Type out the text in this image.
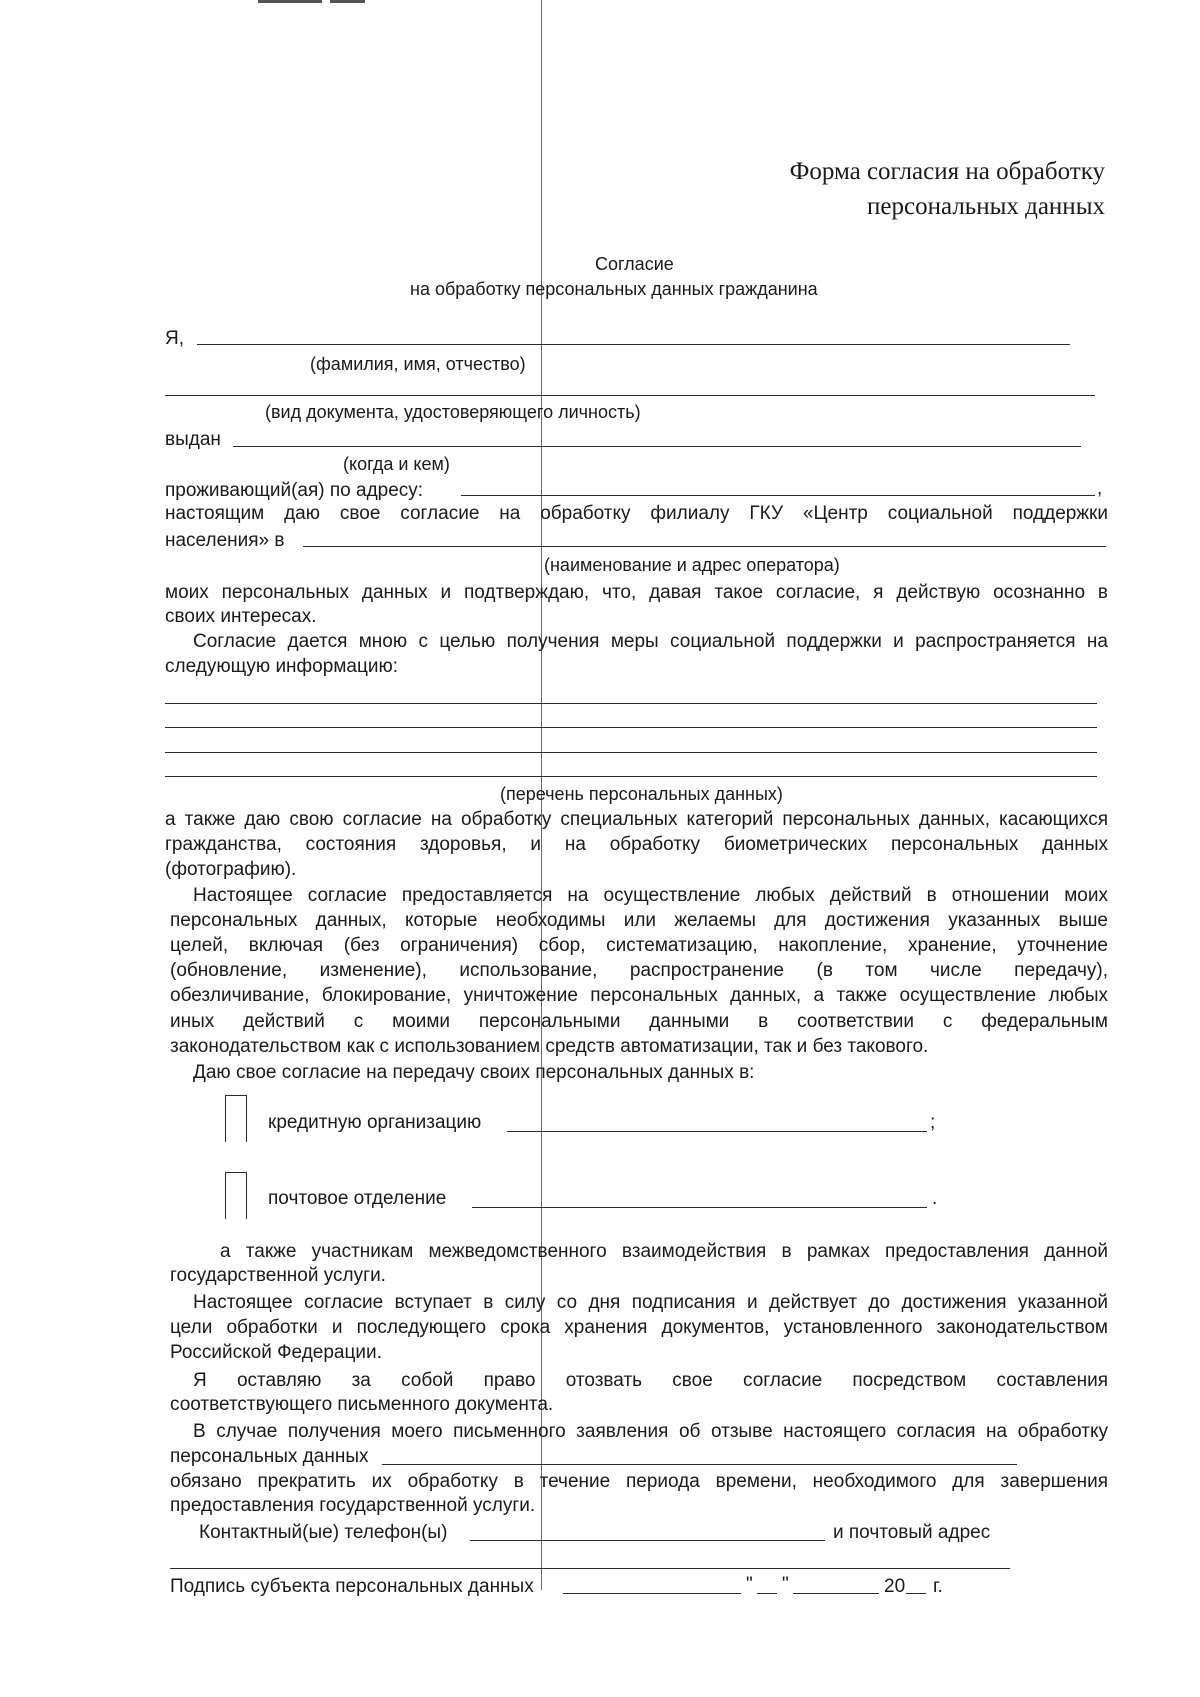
Форма согласия на обработку
персональных данных
Согласие
на обработку персональных данных гражданина
Я,
(фамилия, имя, отчество)
(вид документа, удостоверяющего личность)
выдан
(когда и кем)
проживающий(ая) по адресу:	,
настоящим даю свое согласие на обработку филиалу ГКУ «Центр социальной поддержки
населения» в
(наименование и адрес оператора)
моих персональных данных и подтверждаю, что, давая такое согласие, я действую осознанно в
своих интересах.
Согласие дается мною с целью получения меры социальной поддержки и распространяется на
следующую информацию:
(перечень персональных данных)
а также даю свою согласие на обработку специальных категорий персональных данных, касающихся
гражданства, состояния здоровья, и на обработку биометрических персональных данных
(фотографию).
Настоящее согласие предоставляется на осуществление любых действий в отношении моих
персональных данных, которые необходимы или желаемы для достижения указанных выше
целей, включая (без ограничения) сбор, систематизацию, накопление, хранение, уточнение
(обновление, изменение), использование, распространение (в том числе передачу),
обезличивание, блокирование, уничтожение персональных данных, а также осуществление любых
иных действий с моими персональными данными в соответствии с федеральным
законодательством как с использованием средств автоматизации, так и без такового.
Даю свое согласие на передачу своих персональных данных в:
кредитную организацию	;
почтовое отделение	.
а также участникам межведомственного взаимодействия в рамках предоставления данной
государственной услуги.
Настоящее согласие вступает в силу со дня подписания и действует до достижения указанной
цели обработки и последующего срока хранения документов, установленного законодательством
Российской Федерации.
Я оставляю за собой право отозвать свое согласие посредством составления
соответствующего письменного документа.
В случае получения моего письменного заявления об отзыве настоящего согласия на обработку
персональных данных
обязано прекратить их обработку в течение периода времени, необходимого для завершения
предоставления государственной услуги.
Контактный(ые) телефон(ы)	и почтовый адрес
Подпись субъекта персональных данных	" "	20 г.
